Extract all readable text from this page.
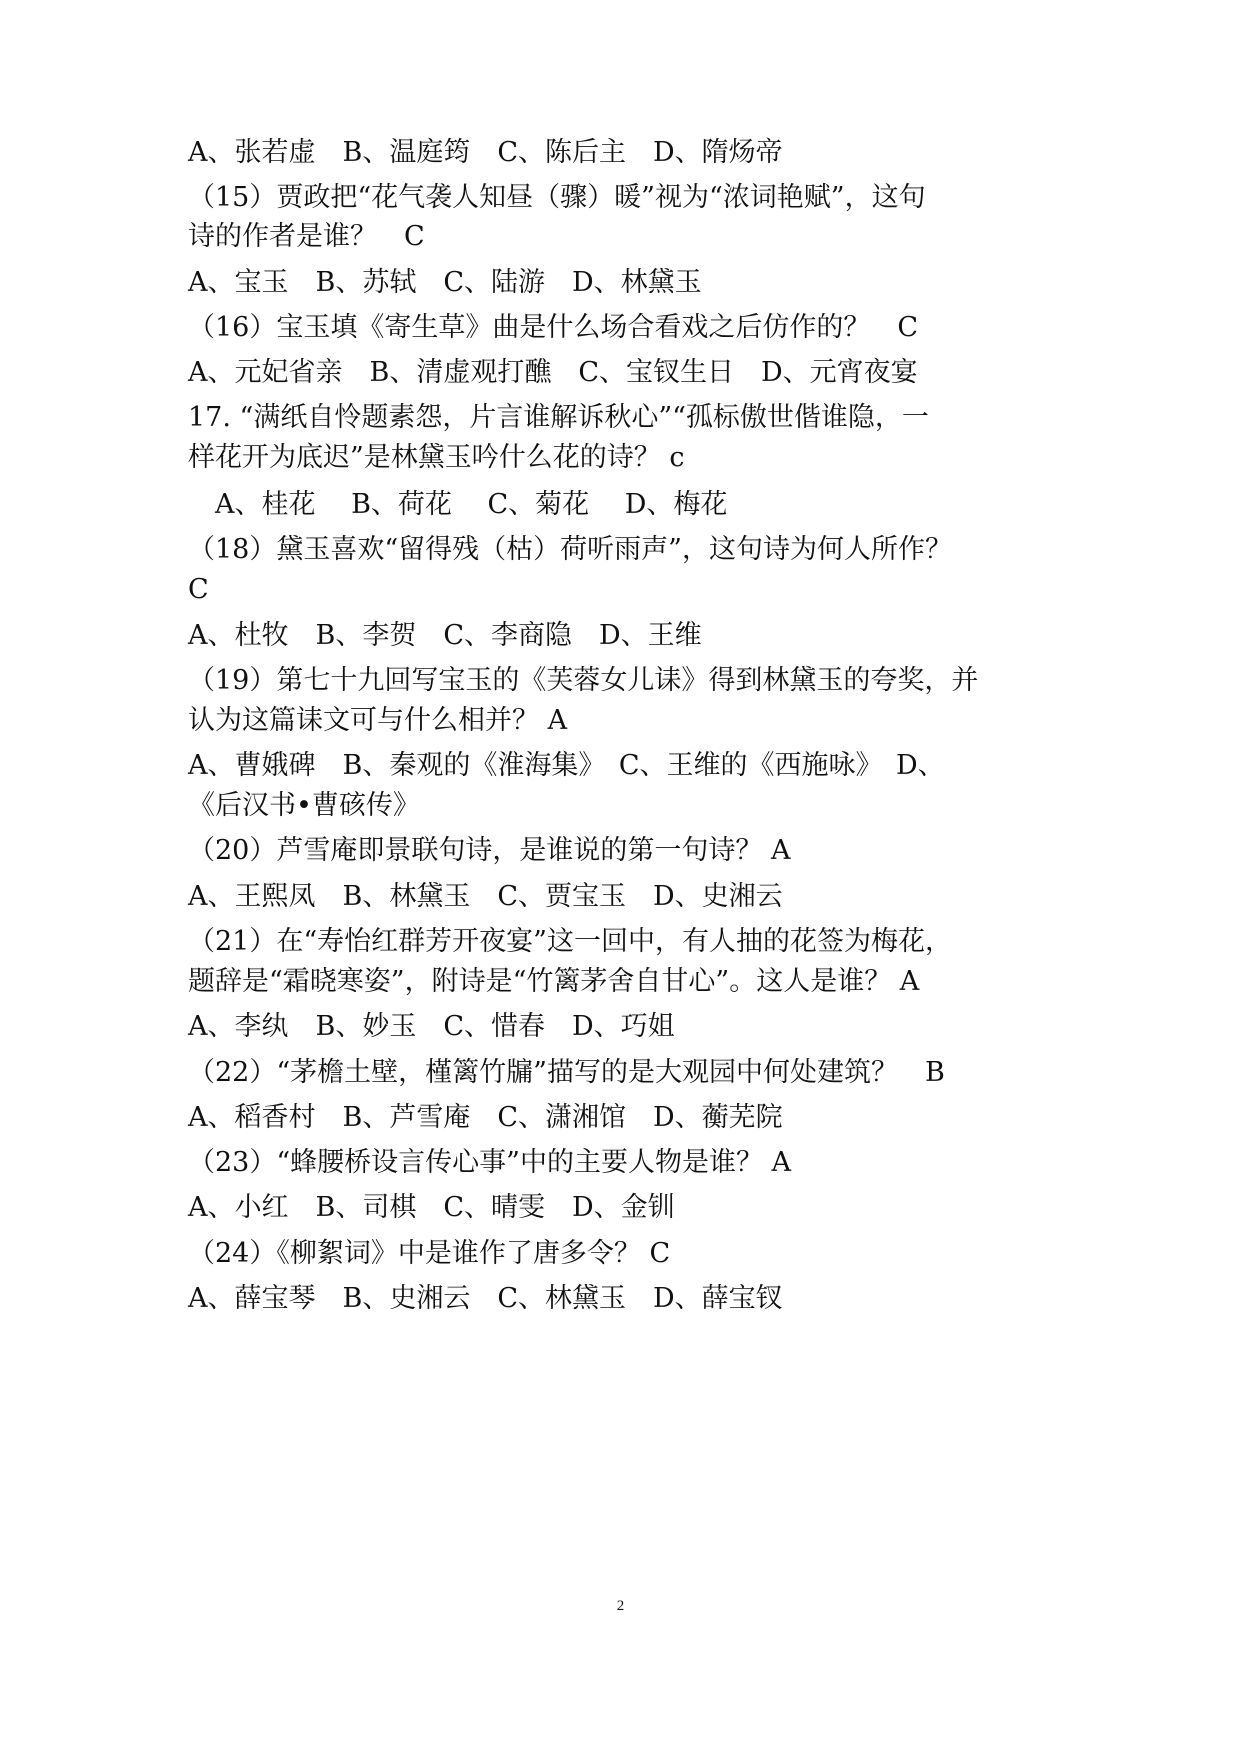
A、张若虚　B、温庭筠　C、陈后主　D、隋炀帝
（15）贾政把“花气袭人知昼（骤）暖”视为“浓词艳赋”，这句
诗的作者是谁？　C
A、宝玉　B、苏轼　C、陆游　D、林黛玉
（16）宝玉填《寄生草》曲是什么场合看戏之后仿作的？　C
A、元妃省亲　B、清虚观打醮　C、宝钗生日　D、元宵夜宴
17. “满纸自怜题素怨，片言谁解诉秋心”“孤标傲世偕谁隐，一
样花开为底迟”是林黛玉吟什么花的诗？ c
　A、桂花　 B、荷花　 C、菊花　 D、梅花
（18）黛玉喜欢“留得残（枯）荷听雨声”，这句诗为何人所作？
C
A、杜牧　B、李贺　C、李商隐　D、王维
（19）第七十九回写宝玉的《芙蓉女儿诔》得到林黛玉的夸奖，并
认为这篇诔文可与什么相并？ A
A、曹娥碑　B、秦观的《淮海集》　C、王维的《西施咏》　D、
《后汉书•曹硋传》
（20）芦雪庵即景联句诗，是谁说的第一句诗？ A
A、王熙凤　B、林黛玉　C、贾宝玉　D、史湘云
（21）在“寿怡红群芳开夜宴”这一回中，有人抽的花签为梅花，
题辞是“霜晓寒姿”，附诗是“竹篱茅舍自甘心”。这人是谁？ A
A、李纨　B、妙玉　C、惜春　D、巧姐
（22）“茅檐土壁，槿篱竹牖”描写的是大观园中何处建筑？　B
A、稻香村　B、芦雪庵　C、潇湘馆　D、蘅芜院
（23）“蜂腰桥设言传心事”中的主要人物是谁？ A
A、小红　B、司棋　C、晴雯　D、金钏
（24）《柳絮词》中是谁作了唐多令？ C
A、薛宝琴　B、史湘云　C、林黛玉　D、薛宝钗
2
